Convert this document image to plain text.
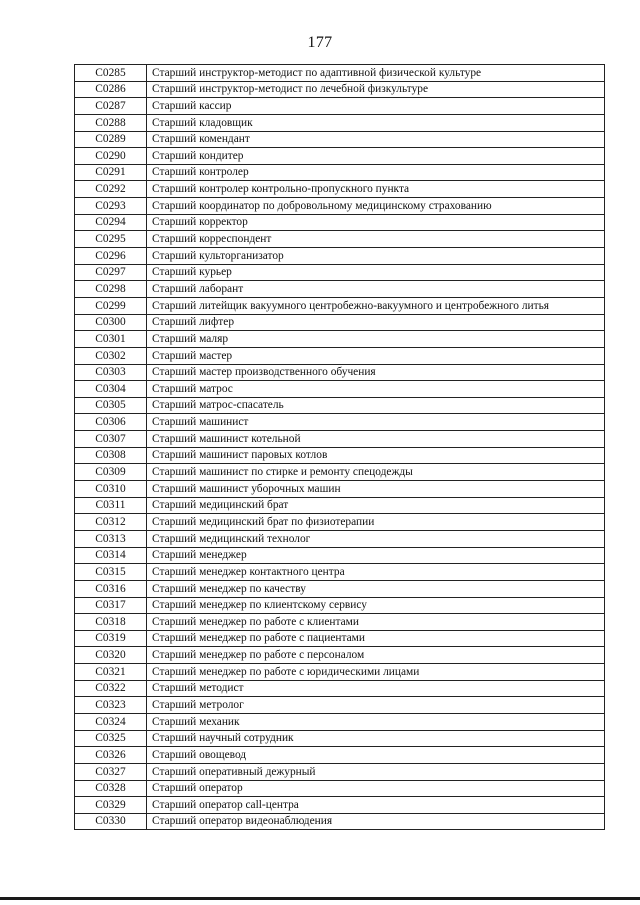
177
С0285	Старший инструктор-методист по адаптивной физической культуре
С0286	Старший инструктор-методист по лечебной физкультуре
С0287	Старший кассир
С0288	Старший кладовщик
С0289	Старший комендант
С0290	Старший кондитер
С0291	Старший контролер
С0292	Старший контролер контрольно-пропускного пункта
С0293	Старший координатор по добровольному медицинскому страхованию
С0294	Старший корректор
С0295	Старший корреспондент
С0296	Старший культорганизатор
С0297	Старший курьер
С0298	Старший лаборант
С0299	Старший литейщик вакуумного центробежно-вакуумного и центробежного литья
С0300	Старший лифтер
С0301	Старший маляр
С0302	Старший мастер
С0303	Старший мастер производственного обучения
С0304	Старший матрос
С0305	Старший матрос-спасатель
С0306	Старший машинист
С0307	Старший машинист котельной
С0308	Старший машинист паровых котлов
С0309	Старший машинист по стирке и ремонту спецодежды
С0310	Старший машинист уборочных машин
С0311	Старший медицинский брат
С0312	Старший медицинский брат по физиотерапии
С0313	Старший медицинский технолог
С0314	Старший менеджер
С0315	Старший менеджер контактного центра
С0316	Старший менеджер по качеству
С0317	Старший менеджер по клиентскому сервису
С0318	Старший менеджер по работе с клиентами
С0319	Старший менеджер по работе с пациентами
С0320	Старший менеджер по работе с персоналом
С0321	Старший менеджер по работе с юридическими лицами
С0322	Старший методист
С0323	Старший метролог
С0324	Старший механик
С0325	Старший научный сотрудник
С0326	Старший овощевод
С0327	Старший оперативный дежурный
С0328	Старший оператор
С0329	Старший оператор call-центра
С0330	Старший оператор видеонаблюдения
